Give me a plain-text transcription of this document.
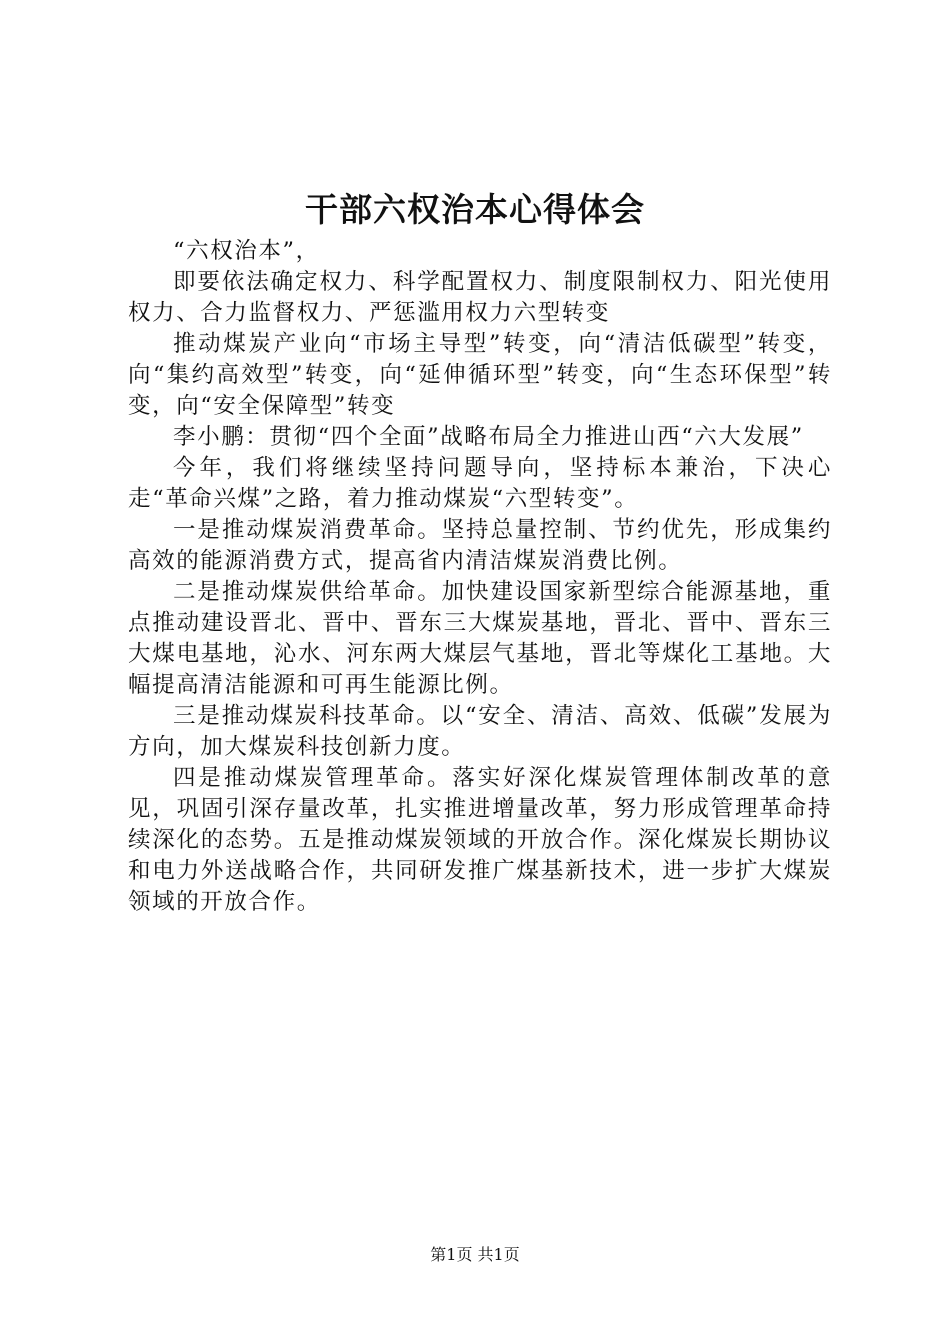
干部六权治本心得体会

“六权治本”，

即要依法确定权力、科学配置权力、制度限制权力、阳光使用权力、合力监督权力、严惩滥用权力六型转变

推动煤炭产业向“市场主导型”转变，向“清洁低碳型”转变，向“集约高效型”转变，向“延伸循环型”转变，向“生态环保型”转变，向“安全保障型”转变

李小鹏：贯彻“四个全面”战略布局全力推进山西“六大发展”

今年，我们将继续坚持问题导向，坚持标本兼治，下决心走“革命兴煤”之路，着力推动煤炭“六型转变”。

一是推动煤炭消费革命。坚持总量控制、节约优先，形成集约高效的能源消费方式，提高省内清洁煤炭消费比例。

二是推动煤炭供给革命。加快建设国家新型综合能源基地，重点推动建设晋北、晋中、晋东三大煤炭基地，晋北、晋中、晋东三大煤电基地，沁水、河东两大煤层气基地，晋北等煤化工基地。大幅提高清洁能源和可再生能源比例。

三是推动煤炭科技革命。以“安全、清洁、高效、低碳”发展为方向，加大煤炭科技创新力度。

四是推动煤炭管理革命。落实好深化煤炭管理体制改革的意见，巩固引深存量改革，扎实推进增量改革，努力形成管理革命持续深化的态势。五是推动煤炭领域的开放合作。深化煤炭长期协议和电力外送战略合作，共同研发推广煤基新技术，进一步扩大煤炭领域的开放合作。

第1页 共1页
